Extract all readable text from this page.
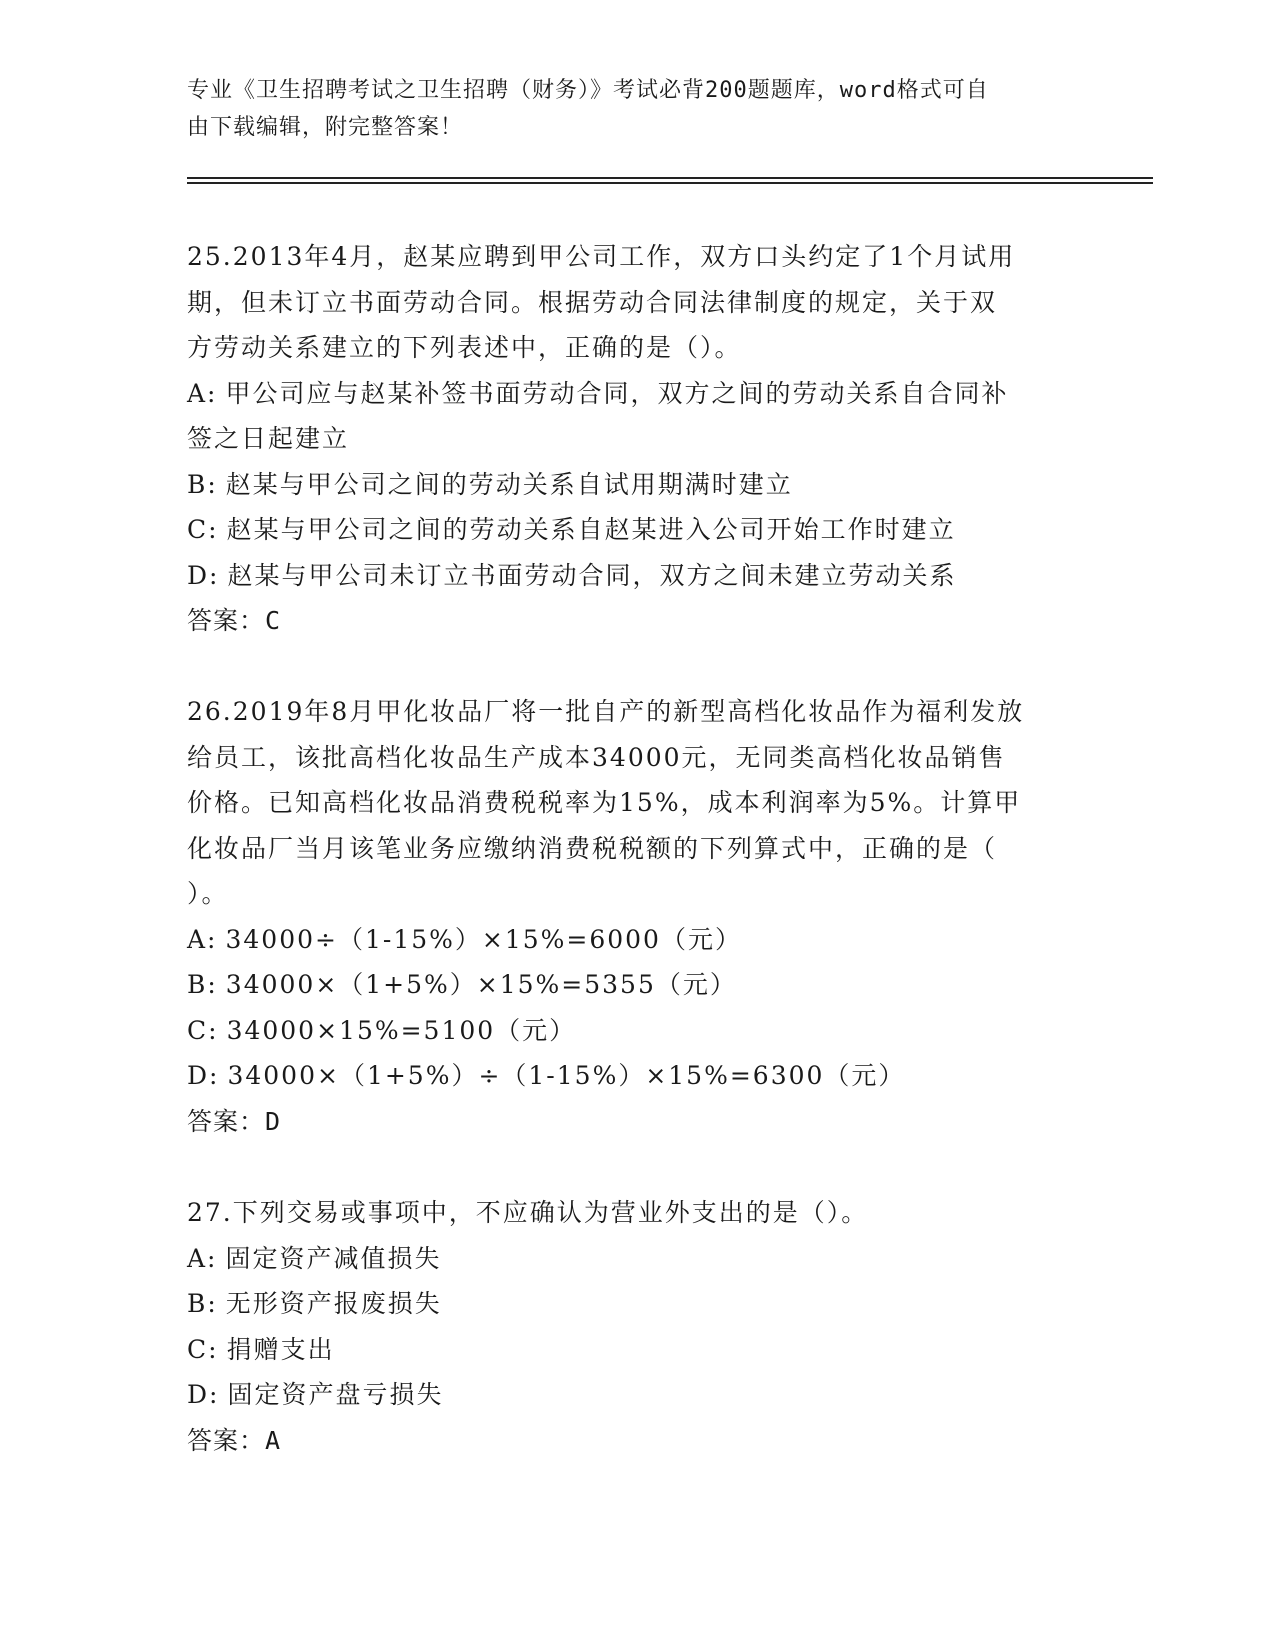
专业《卫生招聘考试之卫生招聘（财务）》考试必背200题题库，word格式可自
由下载编辑，附完整答案！
25.2013年4月，赵某应聘到甲公司工作，双方口头约定了1个月试用
期，但未订立书面劳动合同。根据劳动合同法律制度的规定，关于双
方劳动关系建立的下列表述中，正确的是（）。
A: 甲公司应与赵某补签书面劳动合同，双方之间的劳动关系自合同补
签之日起建立
B: 赵某与甲公司之间的劳动关系自试用期满时建立
C: 赵某与甲公司之间的劳动关系自赵某进入公司开始工作时建立
D: 赵某与甲公司未订立书面劳动合同，双方之间未建立劳动关系
答案：C
26.2019年8月甲化妆品厂将一批自产的新型高档化妆品作为福利发放
给员工，该批高档化妆品生产成本34000元，无同类高档化妆品销售
价格。已知高档化妆品消费税税率为15%，成本利润率为5%。计算甲
化妆品厂当月该笔业务应缴纳消费税税额的下列算式中，正确的是（
）。
A: 34000÷（1-15%）×15%=6000（元）
B: 34000×（1+5%）×15%=5355（元）
C: 34000×15%=5100（元）
D: 34000×（1+5%）÷（1-15%）×15%=6300（元）
答案：D
27.下列交易或事项中，不应确认为营业外支出的是（）。
A: 固定资产减值损失
B: 无形资产报废损失
C: 捐赠支出
D: 固定资产盘亏损失
答案：A
